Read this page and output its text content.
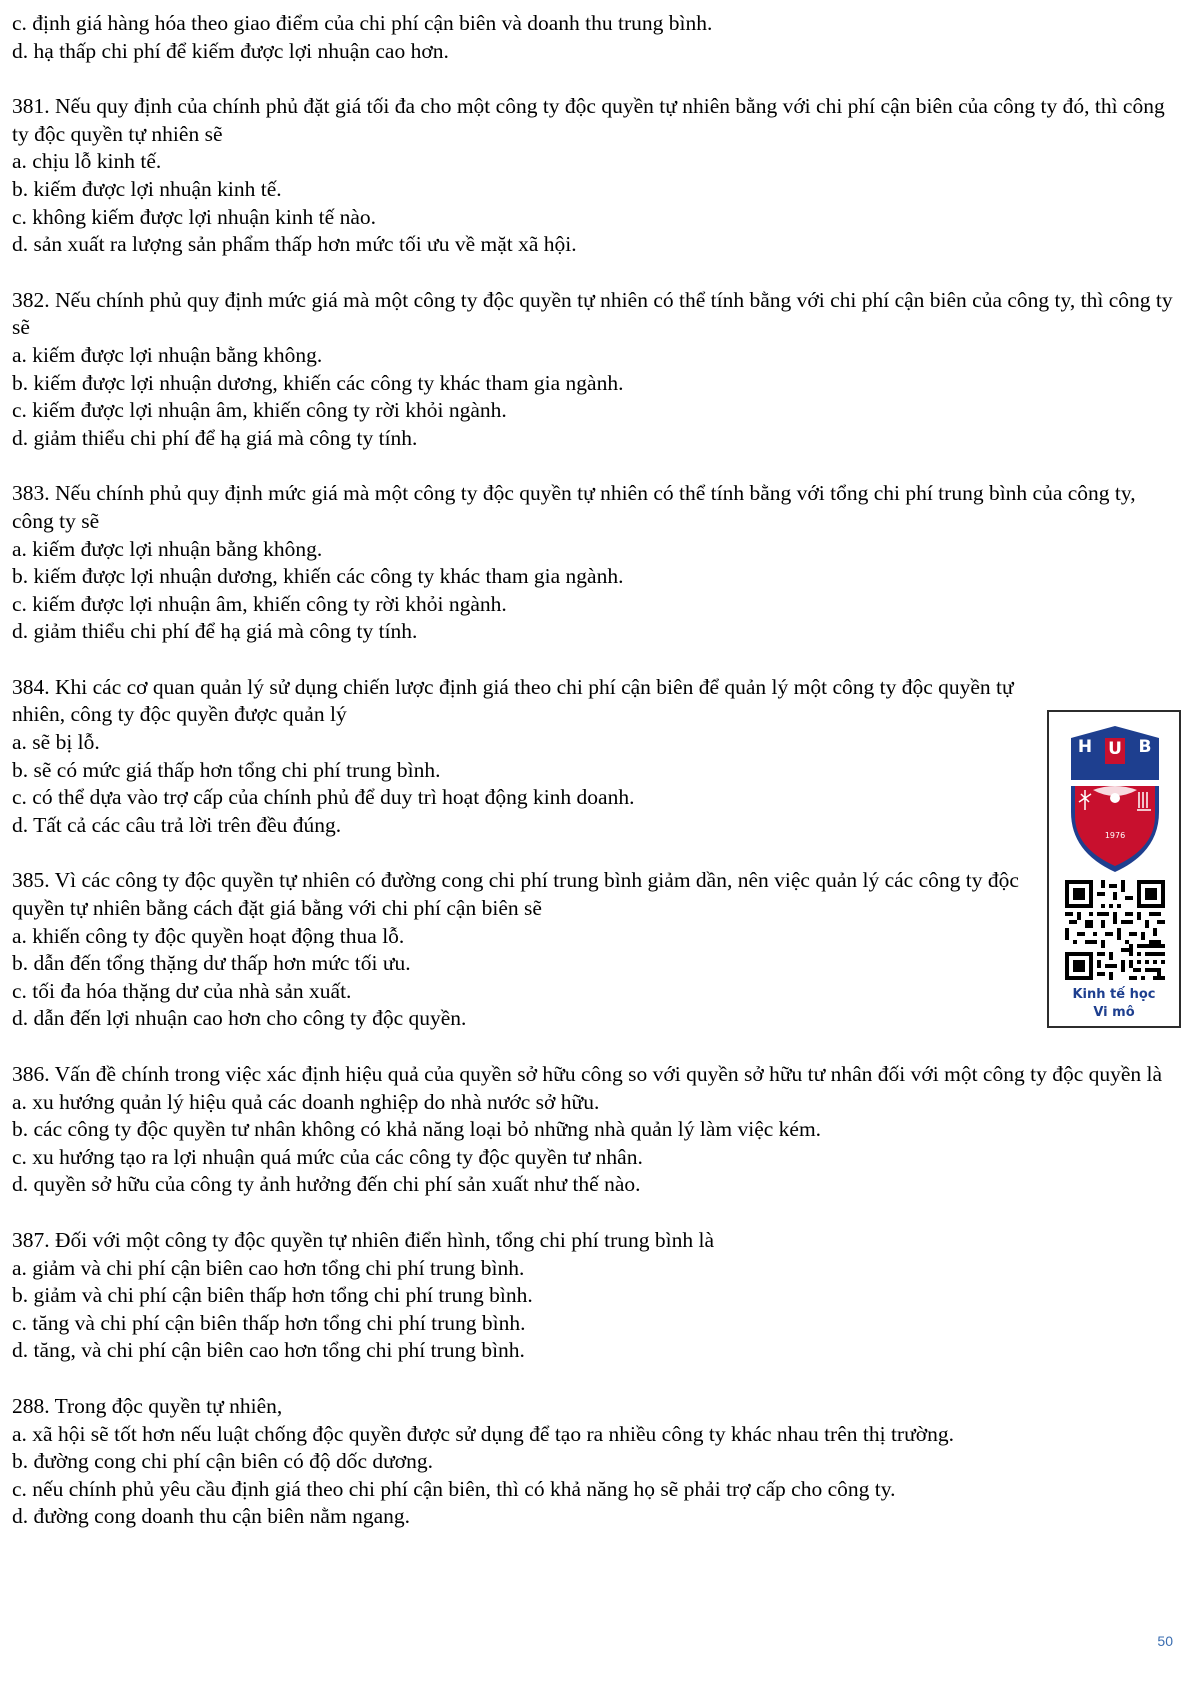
c. định giá hàng hóa theo giao điểm của chi phí cận biên và doanh thu trung bình.

d. hạ thấp chi phí để kiếm được lợi nhuận cao hơn.

381. Nếu quy định của chính phủ đặt giá tối đa cho một công ty độc quyền tự nhiên bằng với chi phí cận biên của công ty đó, thì công ty độc quyền tự nhiên sẽ

a. chịu lỗ kinh tế.

b. kiếm được lợi nhuận kinh tế.

c. không kiếm được lợi nhuận kinh tế nào.

d. sản xuất ra lượng sản phẩm thấp hơn mức tối ưu về mặt xã hội.

382. Nếu chính phủ quy định mức giá mà một công ty độc quyền tự nhiên có thể tính bằng với chi phí cận biên của công ty, thì công ty sẽ

a. kiếm được lợi nhuận bằng không.

b. kiếm được lợi nhuận dương, khiến các công ty khác tham gia ngành.

c. kiếm được lợi nhuận âm, khiến công ty rời khỏi ngành.

d. giảm thiểu chi phí để hạ giá mà công ty tính.

383. Nếu chính phủ quy định mức giá mà một công ty độc quyền tự nhiên có thể tính bằng với tổng chi phí trung bình của công ty, công ty sẽ

a. kiếm được lợi nhuận bằng không.

b. kiếm được lợi nhuận dương, khiến các công ty khác tham gia ngành.

c. kiếm được lợi nhuận âm, khiến công ty rời khỏi ngành.

d. giảm thiểu chi phí để hạ giá mà công ty tính.

384. Khi các cơ quan quản lý sử dụng chiến lược định giá theo chi phí cận biên để quản lý một công ty độc quyền tự nhiên, công ty độc quyền được quản lý

a. sẽ bị lỗ.

b. sẽ có mức giá thấp hơn tổng chi phí trung bình.

c. có thể dựa vào trợ cấp của chính phủ để duy trì hoạt động kinh doanh.

d. Tất cả các câu trả lời trên đều đúng.

385. Vì các công ty độc quyền tự nhiên có đường cong chi phí trung bình giảm dần, nên việc quản lý các công ty độc quyền tự nhiên bằng cách đặt giá bằng với chi phí cận biên sẽ

a. khiến công ty độc quyền hoạt động thua lỗ.

b. dẫn đến tổng thặng dư thấp hơn mức tối ưu.

c. tối đa hóa thặng dư của nhà sản xuất.

d. dẫn đến lợi nhuận cao hơn cho công ty độc quyền.

386. Vấn đề chính trong việc xác định hiệu quả của quyền sở hữu công so với quyền sở hữu tư nhân đối với một công ty độc quyền là

a. xu hướng quản lý hiệu quả các doanh nghiệp do nhà nước sở hữu.

b. các công ty độc quyền tư nhân không có khả năng loại bỏ những nhà quản lý làm việc kém.

c. xu hướng tạo ra lợi nhuận quá mức của các công ty độc quyền tư nhân.

d. quyền sở hữu của công ty ảnh hưởng đến chi phí sản xuất như thế nào.

387. Đối với một công ty độc quyền tự nhiên điển hình, tổng chi phí trung bình là

a. giảm và chi phí cận biên cao hơn tổng chi phí trung bình.

b. giảm và chi phí cận biên thấp hơn tổng chi phí trung bình.

c. tăng và chi phí cận biên thấp hơn tổng chi phí trung bình.

d. tăng, và chi phí cận biên cao hơn tổng chi phí trung bình.

288. Trong độc quyền tự nhiên,

a. xã hội sẽ tốt hơn nếu luật chống độc quyền được sử dụng để tạo ra nhiều công ty khác nhau trên thị trường.

b. đường cong chi phí cận biên có độ dốc dương.

c. nếu chính phủ yêu cầu định giá theo chi phí cận biên, thì có khả năng họ sẽ phải trợ cấp cho công ty.

d. đường cong doanh thu cận biên nằm ngang.

H U B
1976
Kinh tế học
Vi mô
50
